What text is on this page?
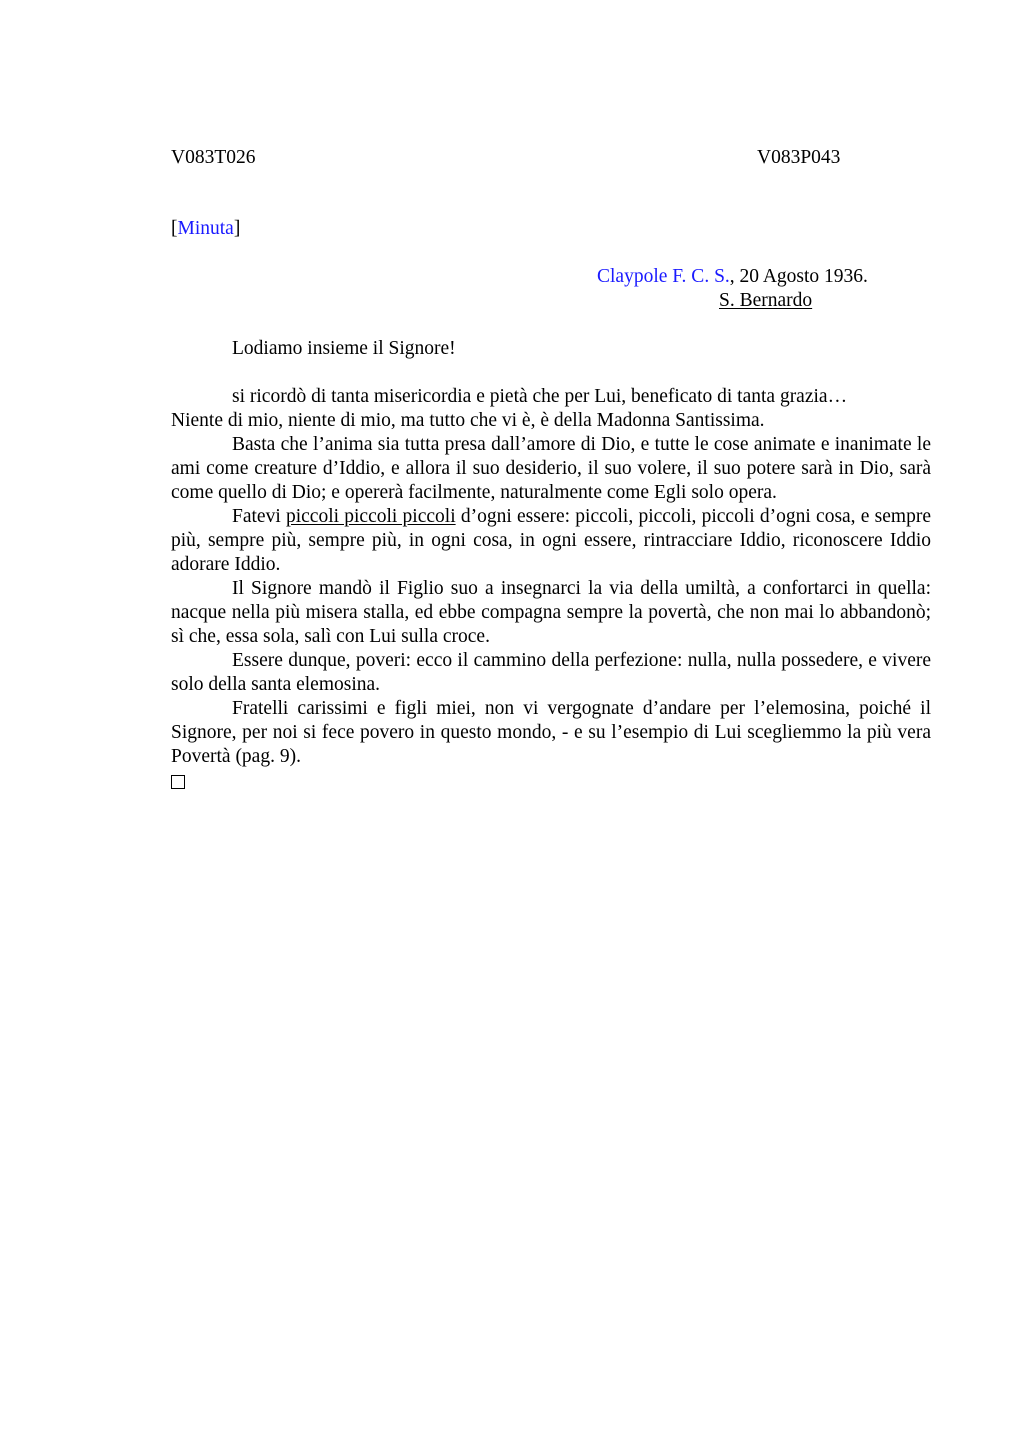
V083T026	V083P043
[Minuta]
Claypole F. C. S., 20 Agosto 1936.
S. Bernardo
Lodiamo insieme il Signore!

si ricordò di tanta misericordia e pietà che per Lui, beneficato di tanta grazia…

Niente di mio, niente di mio, ma tutto che vi è, è della Madonna Santissima.

Basta che l’anima sia tutta presa dall’amore di Dio, e tutte le cose animate e inanimate le ami come creature d’Iddio, e allora il suo desiderio, il suo volere, il suo potere sarà in Dio, sarà come quello di Dio; e opererà facilmente, naturalmente come Egli solo opera.

Fatevi piccoli piccoli piccoli d’ogni essere: piccoli, piccoli, piccoli d’ogni cosa, e sempre più, sempre più, sempre più, in ogni cosa, in ogni essere, rintracciare Iddio, riconoscere Iddio adorare Iddio.

Il Signore mandò il Figlio suo a insegnarci la via della umiltà, a confortarci in quella: nacque nella più misera stalla, ed ebbe compagna sempre la povertà, che non mai lo abbandonò; sì che, essa sola, salì con Lui sulla croce.

Essere dunque, poveri: ecco il cammino della perfezione: nulla, nulla possedere, e vivere solo della santa elemosina.

Fratelli carissimi e figli miei, non vi vergognate d’andare per l’elemosina, poiché il Signore, per noi si fece povero in questo mondo, - e su l’esempio di Lui scegliemmo la più vera Povertà (pag. 9).
